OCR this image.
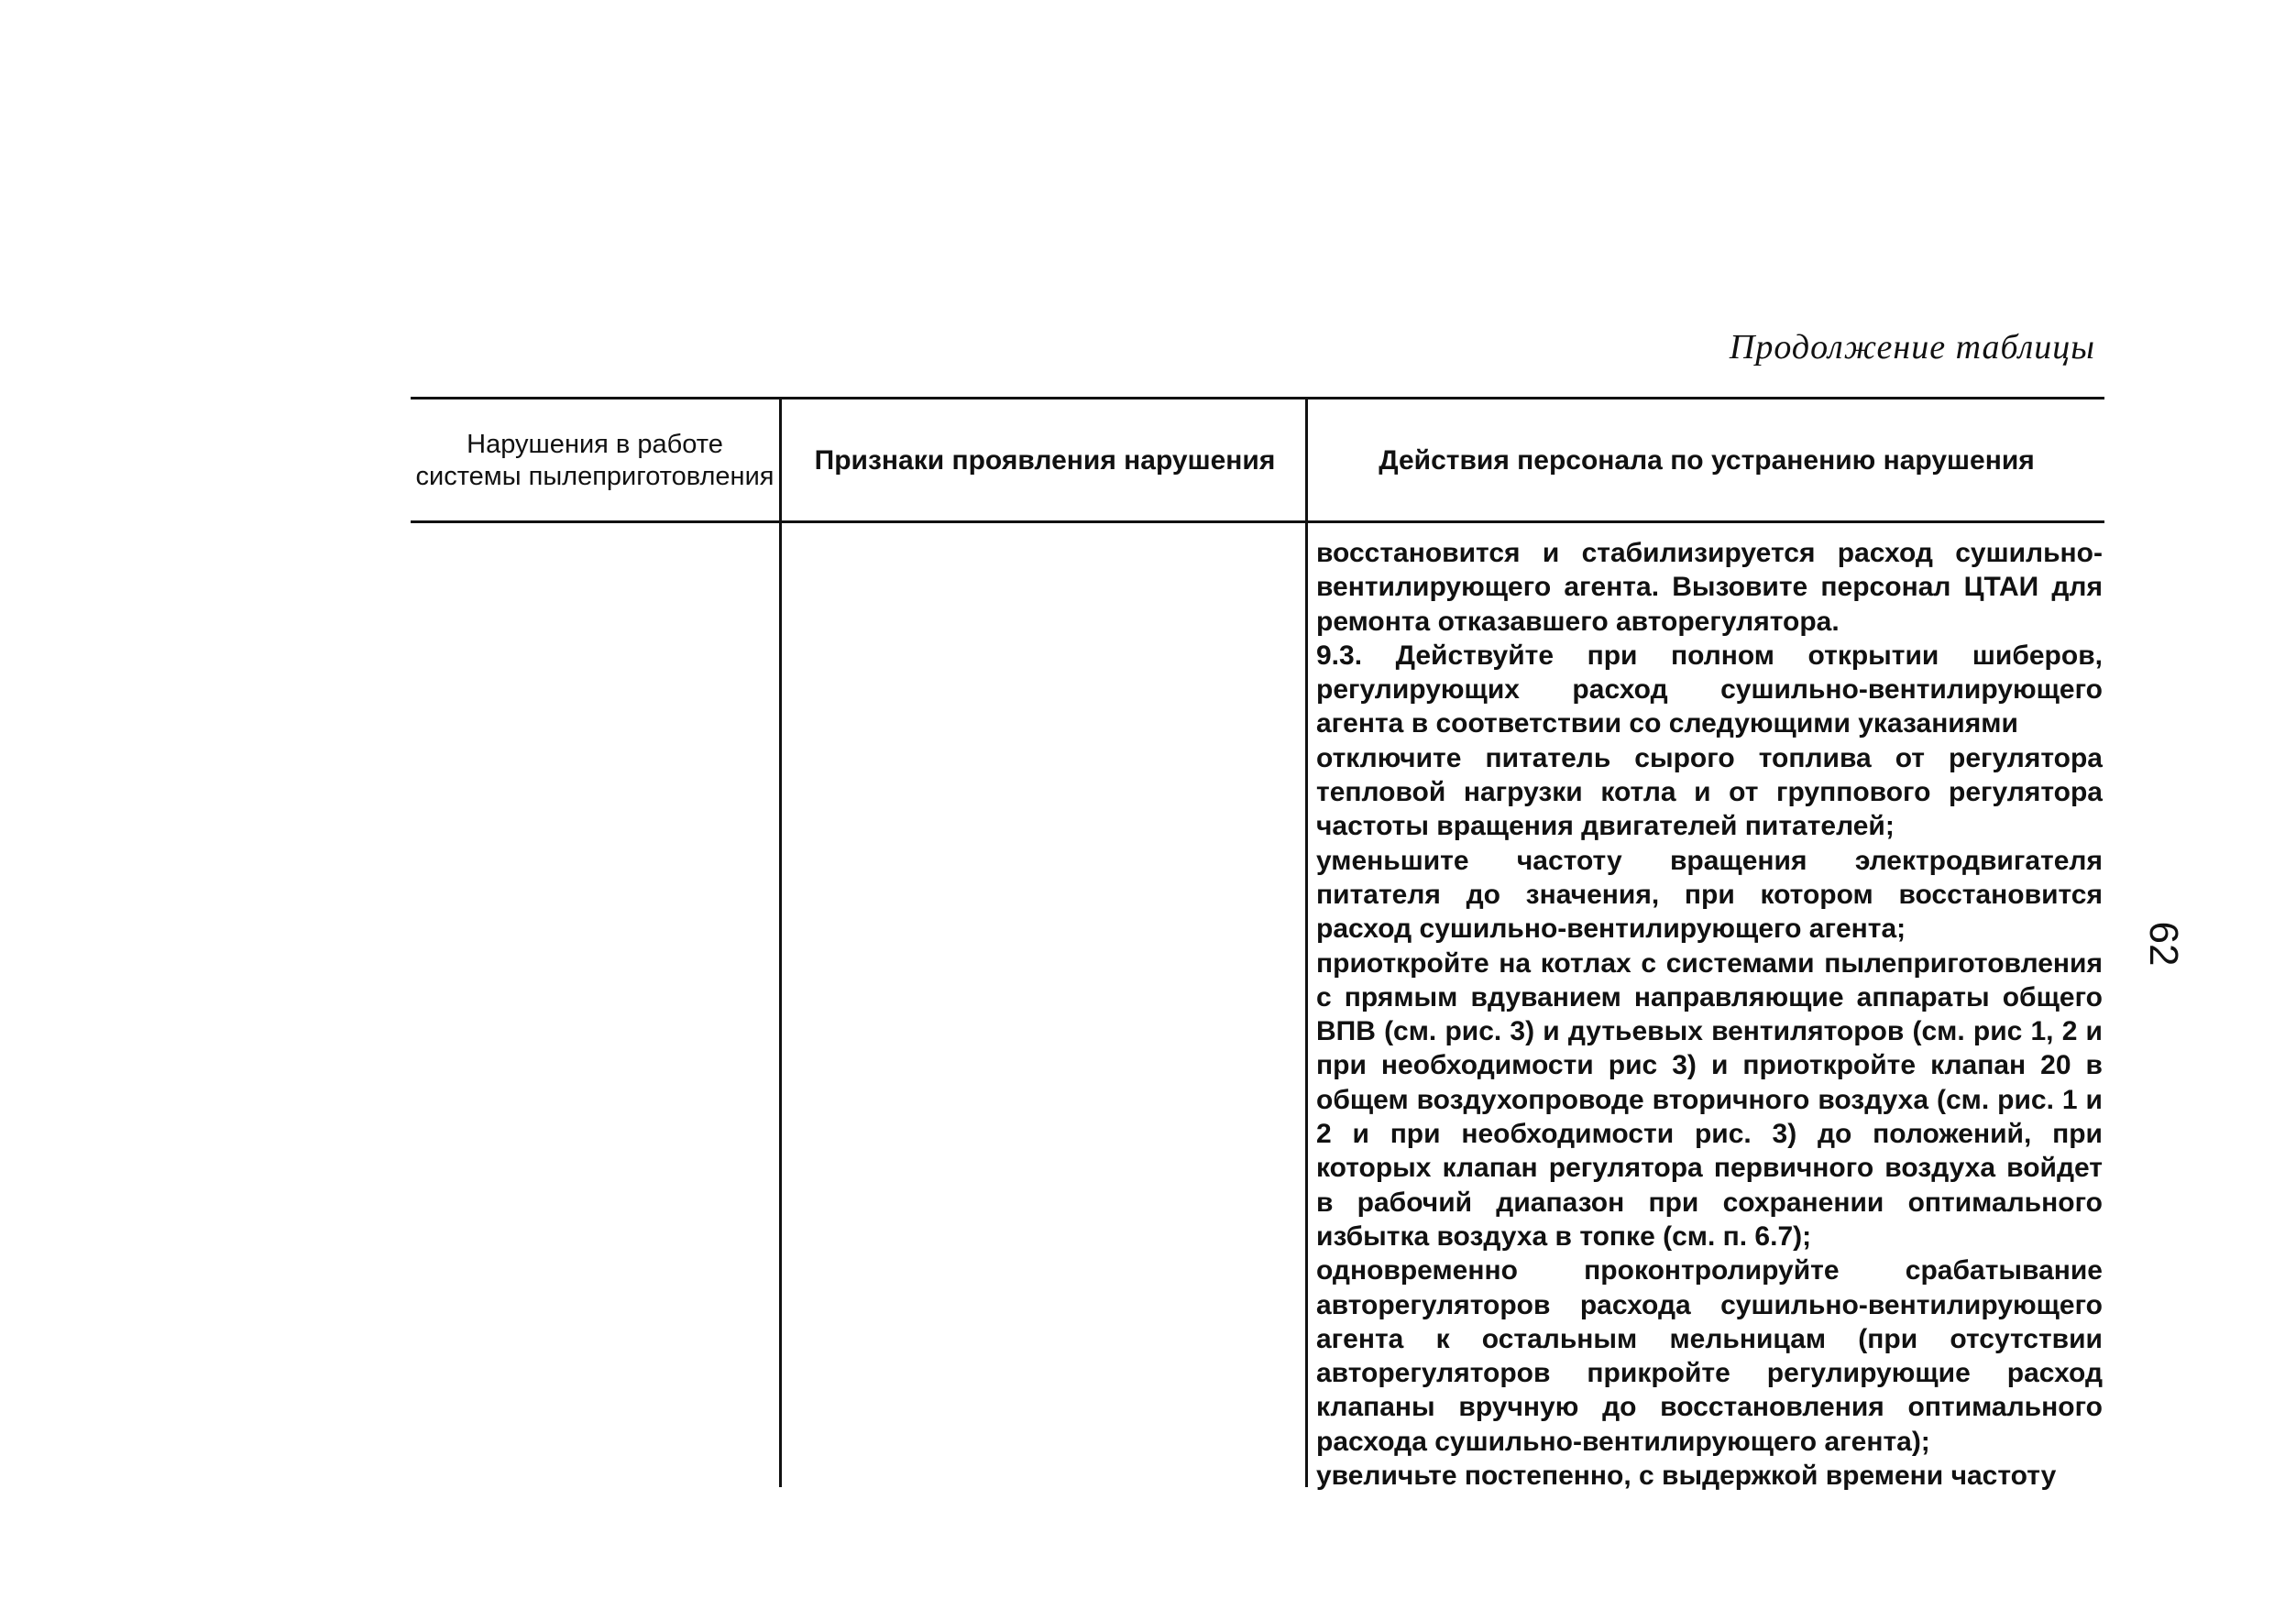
Продолжение таблицы
Нарушения в работе системы пылеприготовления
Признаки проявления нарушения	Действия персонала по устранению нарушения
восстановится и стабилизируется расход сушильно-вентилирующего агента. Вызовите персонал ЦТАИ для ремонта отказавшего авторегулятора.
9.3. Действуйте при полном открытии шиберов, регулирующих расход сушильно-вентилирующего агента в соответствии со следующими указаниями
отключите питатель сырого топлива от регулятора тепловой нагрузки котла и от группового регулятора частоты вращения двигателей питателей;
уменьшите частоту вращения электродвигателя питателя до значения, при котором восстановится расход сушильно-вентилирующего агента;
приоткройте на котлах с системами пылеприготовления с прямым вдуванием направляющие аппараты общего ВПВ (см. рис. 3) и дутьевых вентиляторов (см. рис 1, 2 и при необходимости рис 3) и приоткройте клапан 20 в общем воздухопроводе вторичного воздуха (см. рис. 1 и 2 и при необходимости рис. 3) до положений, при которых клапан регулятора первичного воздуха войдет в рабочий диапазон при сохранении оптимального избытка воздуха в топке (см. п. 6.7);
одновременно проконтролируйте срабатывание авторегуляторов расхода сушильно-вентилирующего агента к остальным мельницам (при отсутствии авторегуляторов прикройте регулирующие расход клапаны вручную до восстановления оптимального расхода сушильно-вентилирующего агента);
увеличьте постепенно, с выдержкой времени частоту
62
